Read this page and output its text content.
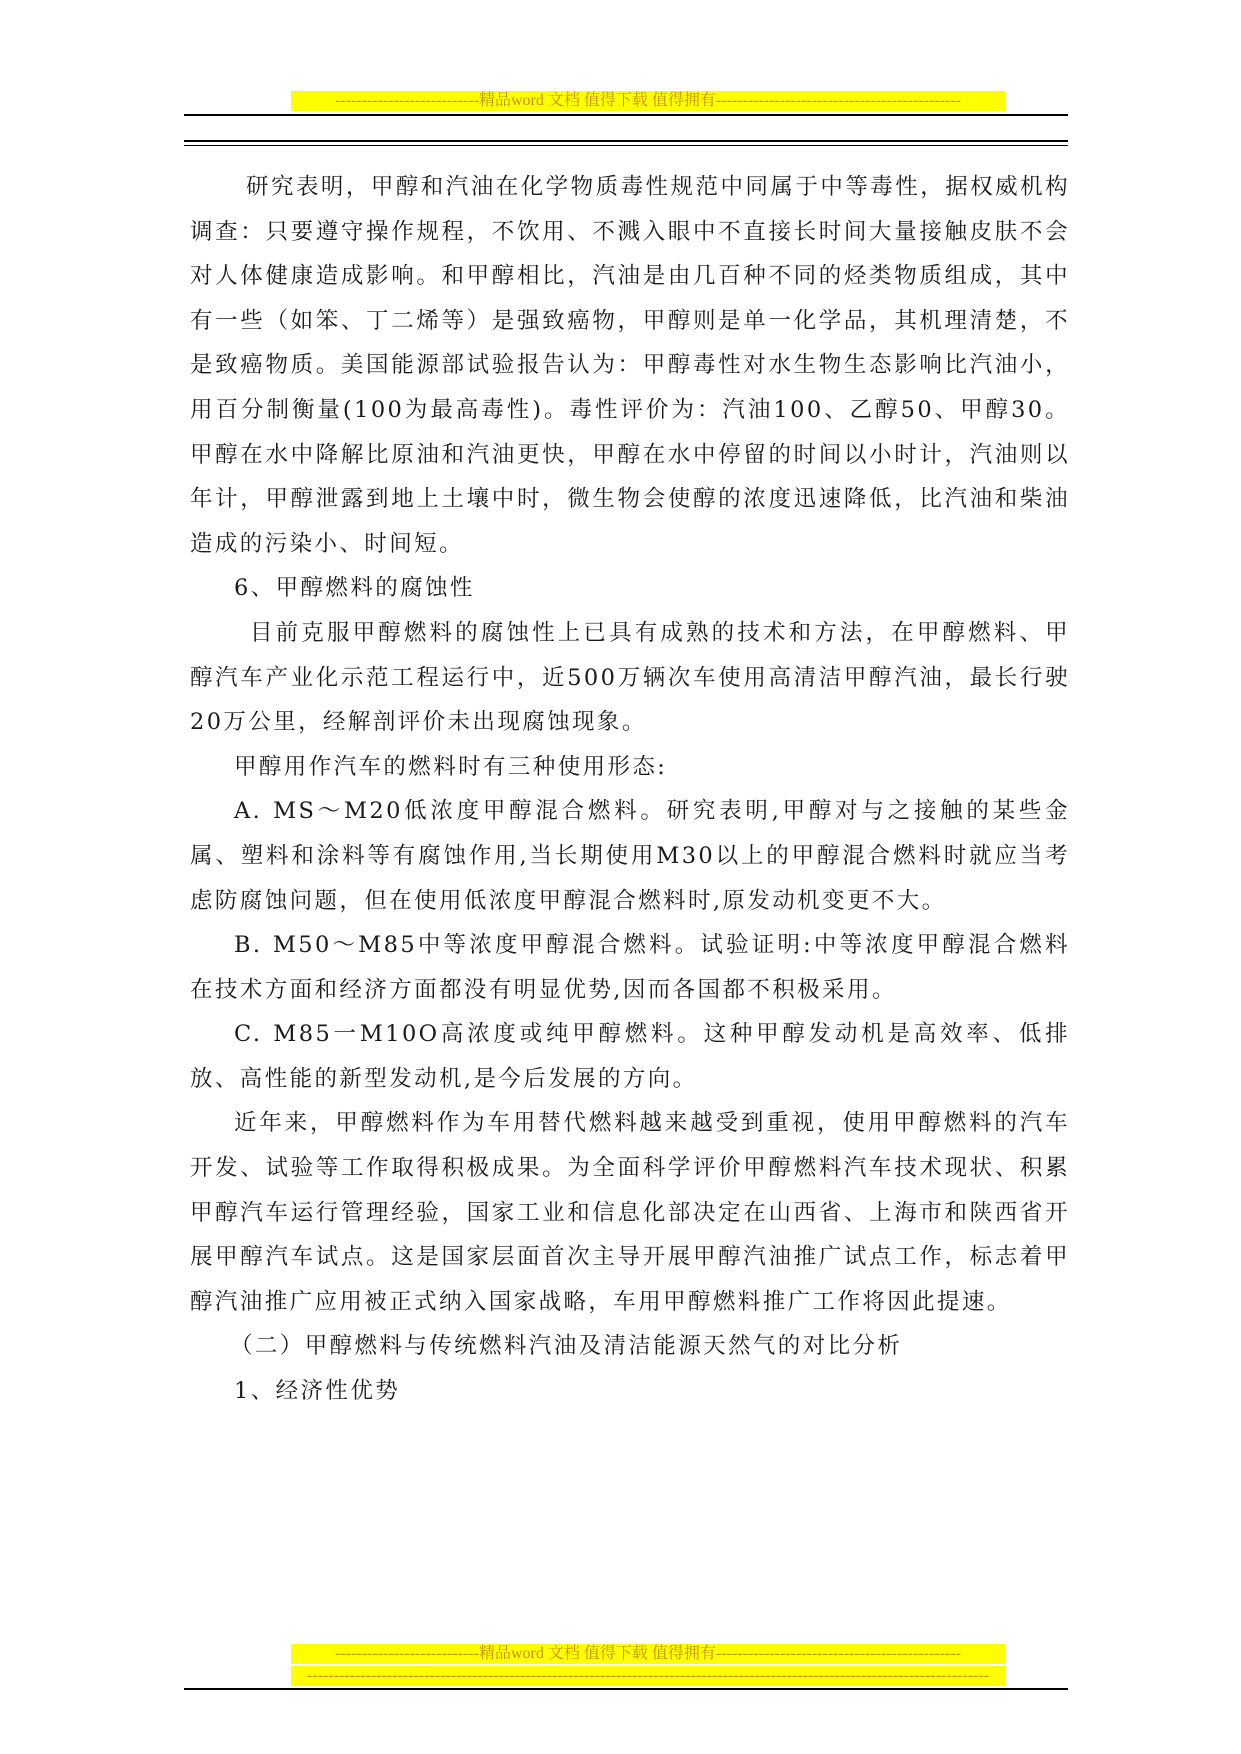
---------------------------精品word 文档 值得下载 值得拥有----------------------------------------------

研究表明，甲醇和汽油在化学物质毒性规范中同属于中等毒性，据权威机构调查：只要遵守操作规程，不饮用、不溅入眼中不直接长时间大量接触皮肤不会对人体健康造成影响。和甲醇相比，汽油是由几百种不同的烃类物质组成，其中有一些（如笨、丁二烯等）是强致癌物，甲醇则是单一化学品，其机理清楚，不是致癌物质。美国能源部试验报告认为：甲醇毒性对水生物生态影响比汽油小，用百分制衡量(100为最高毒性)。毒性评价为：汽油100、乙醇50、甲醇30。甲醇在水中降解比原油和汽油更快，甲醇在水中停留的时间以小时计，汽油则以年计，甲醇泄露到地上土壤中时，微生物会使醇的浓度迅速降低，比汽油和柴油造成的污染小、时间短。

6、甲醇燃料的腐蚀性

目前克服甲醇燃料的腐蚀性上已具有成熟的技术和方法，在甲醇燃料、甲醇汽车产业化示范工程运行中，近500万辆次车使用高清洁甲醇汽油，最长行驶20万公里，经解剖评价未出现腐蚀现象。

甲醇用作汽车的燃料时有三种使用形态:

A. MS～M20低浓度甲醇混合燃料。研究表明,甲醇对与之接触的某些金属、塑料和涂料等有腐蚀作用,当长期使用M30以上的甲醇混合燃料时就应当考虑防腐蚀问题，但在使用低浓度甲醇混合燃料时,原发动机变更不大。

B. M50～M85中等浓度甲醇混合燃料。试验证明:中等浓度甲醇混合燃料在技术方面和经济方面都没有明显优势,因而各国都不积极采用。

C. M85一M10O高浓度或纯甲醇燃料。这种甲醇发动机是高效率、低排放、高性能的新型发动机,是今后发展的方向。

近年来，甲醇燃料作为车用替代燃料越来越受到重视，使用甲醇燃料的汽车开发、试验等工作取得积极成果。为全面科学评价甲醇燃料汽车技术现状、积累甲醇汽车运行管理经验，国家工业和信息化部决定在山西省、上海市和陕西省开展甲醇汽车试点。这是国家层面首次主导开展甲醇汽油推广试点工作，标志着甲醇汽油推广应用被正式纳入国家战略，车用甲醇燃料推广工作将因此提速。

（二）甲醇燃料与传统燃料汽油及清洁能源天然气的对比分析

1、经济性优势

---------------------------精品word 文档 值得下载 值得拥有----------------------------------------------
--------------------------------------------------------------------------------------------------------------------------------
